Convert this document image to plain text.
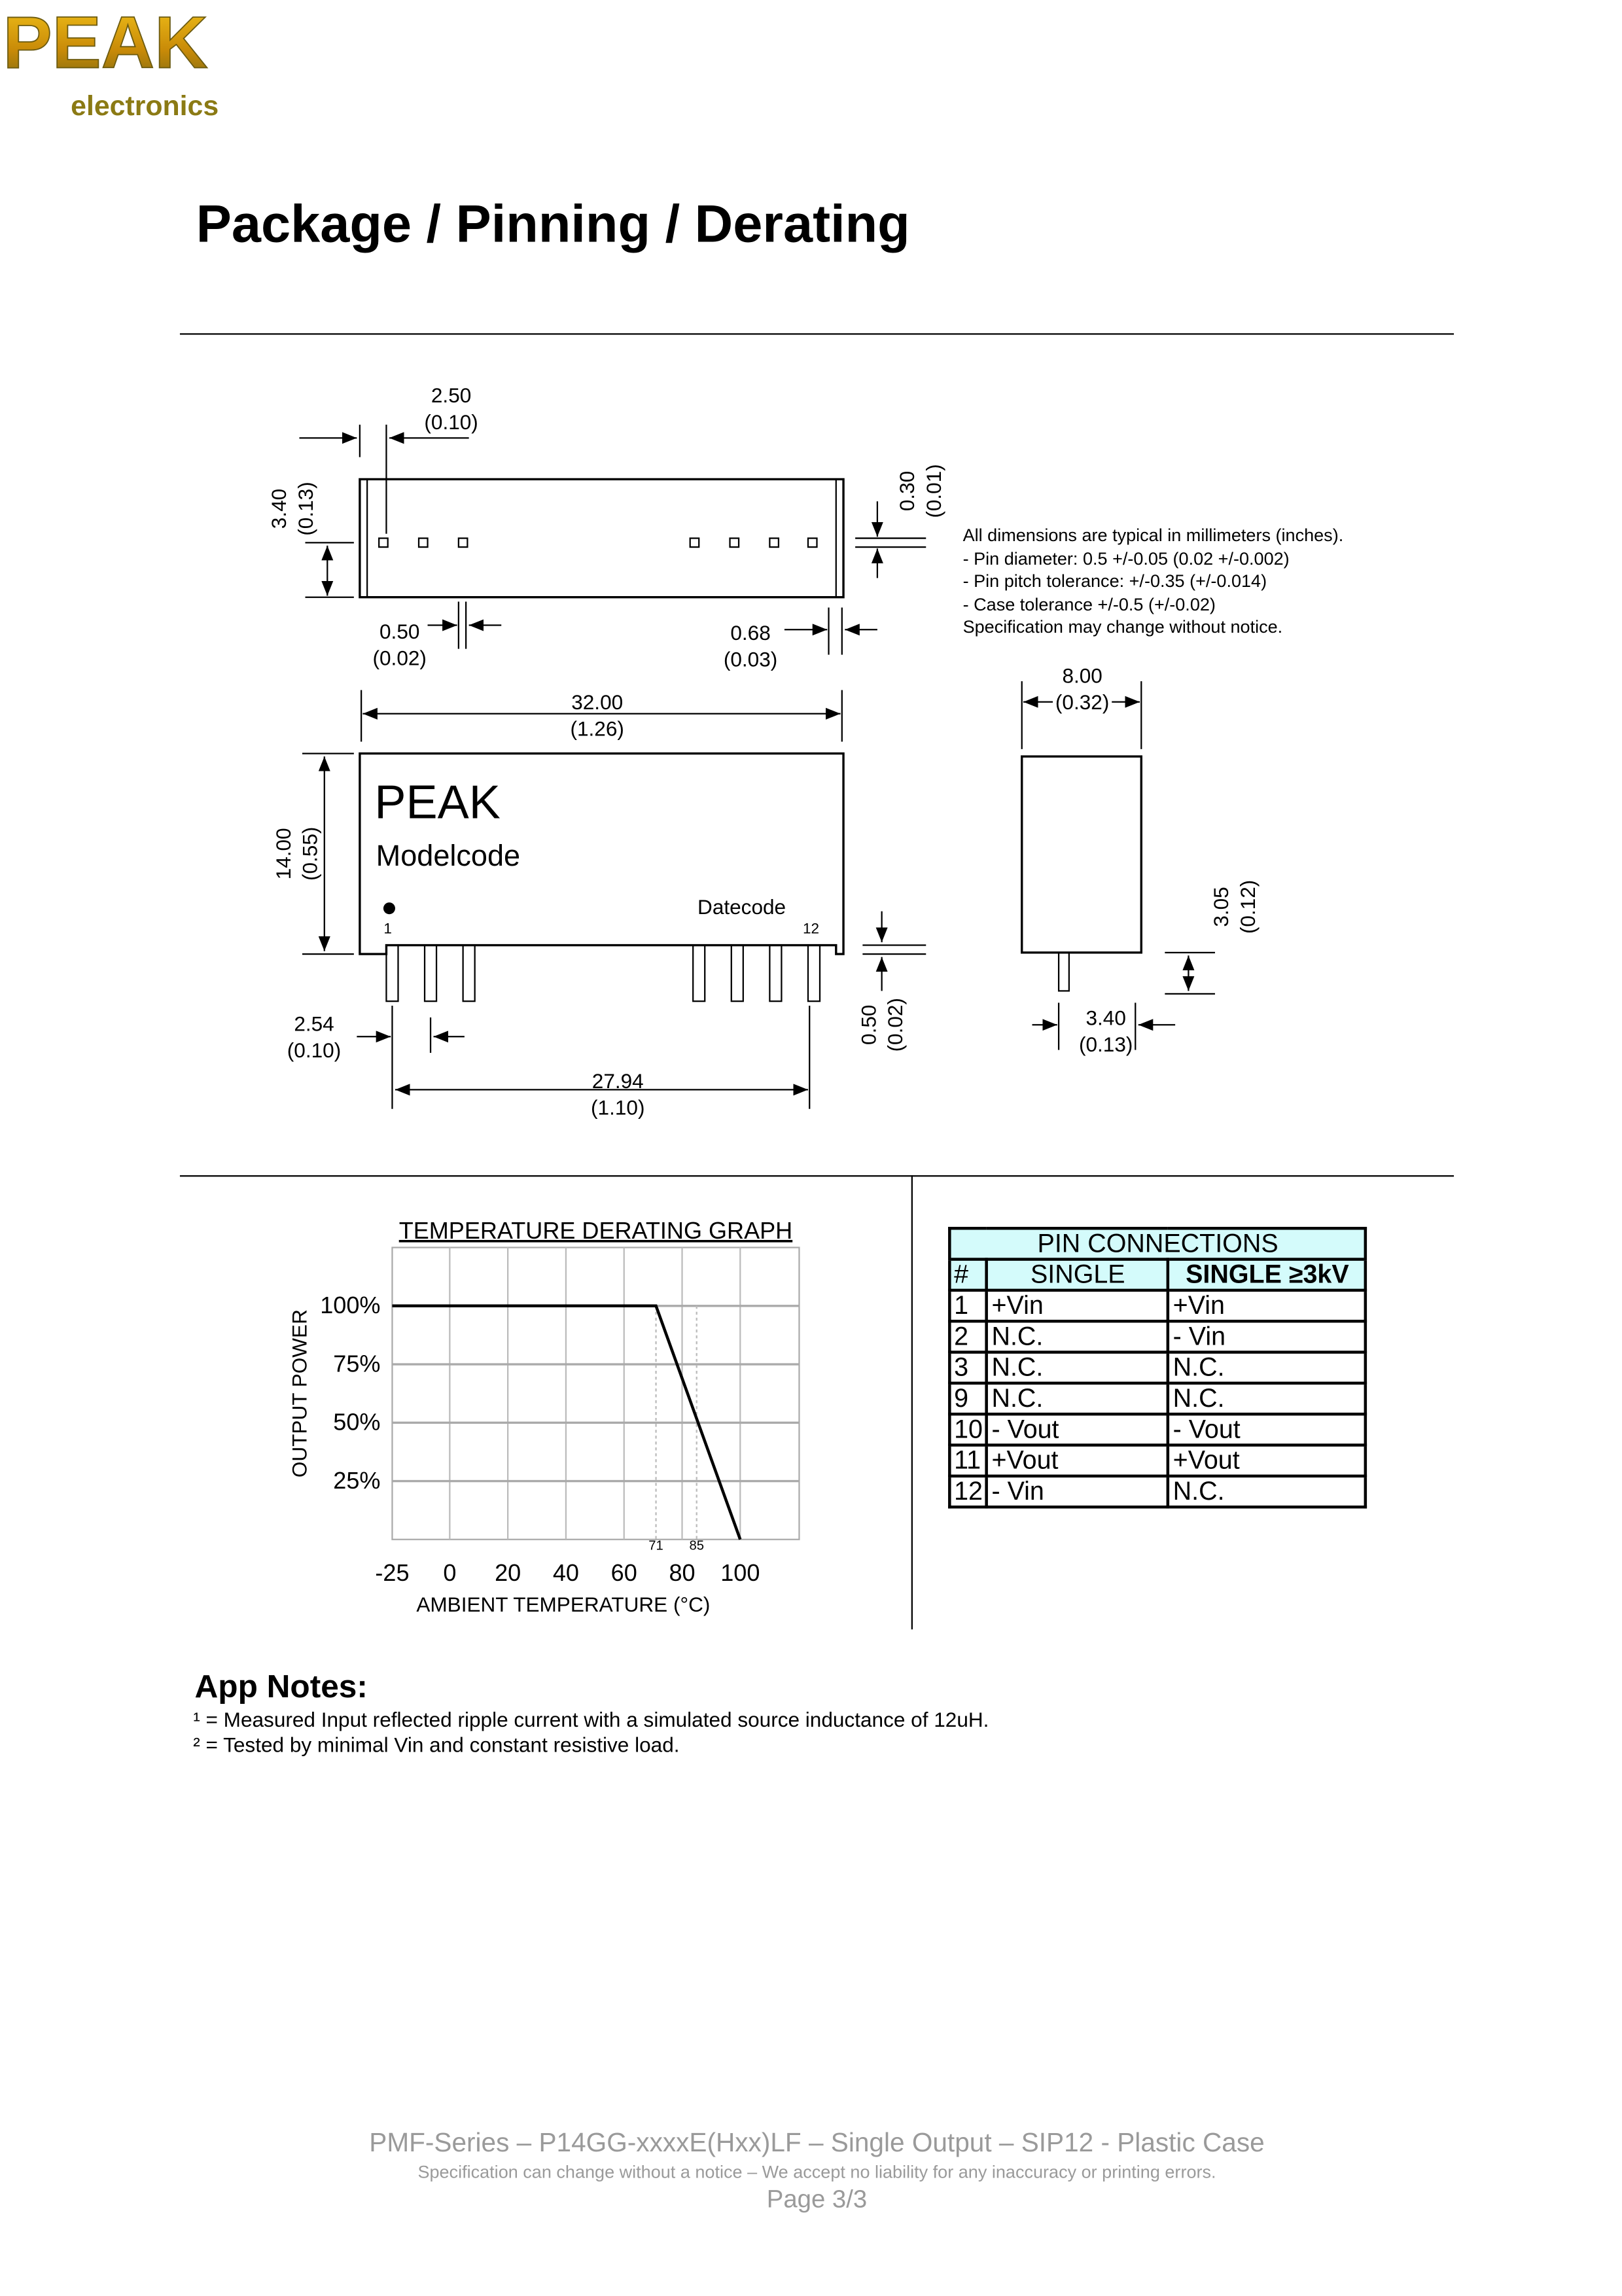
Package / Pinning / Derating
PEAK
electronics
2.50
(0.10)
3.40 (0.13)	0.30 (0.01)
0.50
(0.02)
0.68
(0.03)
32.00
(1.26)
14.00 (0.55)
0.50 (0.02)
2.54
(0.10)
27.94
(1.10)
8.00
(0.32)
3.05 (0.12)
3.40
(0.13)
Datecode
1	12
PEAK
Modelcode
All dimensions are typical in millimeters (inches).
- Pin diameter: 0.5 +/-0.05 (0.02 +/-0.002)
- Pin pitch tolerance: +/-0.35 (+/-0.014)
- Case tolerance +/-0.5 (+/-0.02)
Specification may change without notice.
TEMPERATURE DERATING GRAPH
-25	0	20	40	60	80 100
100%
75%
50%
25%
71	85
OUTPUT POWER
AMBIENT TEMPERATURE (°C)
PIN CONNECTIONS		
#	SINGLE	SINGLE ≥3kV
1	+Vin	+Vin
2	N.C.	- Vin
3	N.C.	N.C.
9	N.C.	N.C.
10	- Vout	- Vout
11	+Vout	+Vout
12	- Vin	N.C.
App Notes:
¹ = Measured Input reflected ripple current with a simulated source inductance of 12uH.
² = Tested by minimal Vin and constant resistive load.
PMF-Series – P14GG-xxxxE(Hxx)LF – Single Output – SIP12 - Plastic Case
Specification can change without a notice – We accept no liability for any inaccuracy or printing errors.
Page 3/3
